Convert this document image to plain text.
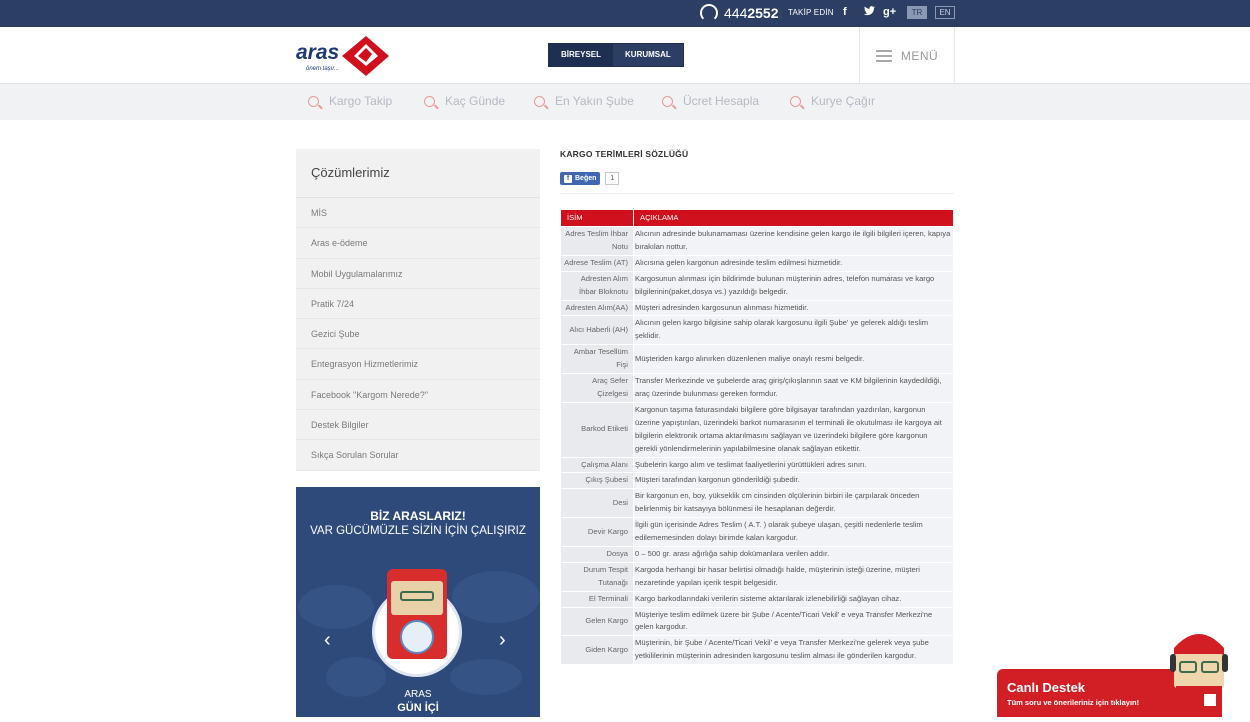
4442552 TAKİP EDİN f	g+	TR	EN
aras
önem taşır...
BİREYSEL	KURUMSAL	MENÜ
Kargo Takip	Kaç Günde	En Yakın Şube	Ücret Hesapla	Kurye Çağır
Çözümlerimiz
MİS
Aras e-ödeme
Mobil Uygulamalarımız
Pratik 7/24
Gezici Şube
Entegrasyon Hizmetlerimiz
Facebook "Kargom Nerede?"
Destek Bilgiler
Sıkça Sorulan Sorular
BİZ ARASLARIZ!
VAR GÜCÜMÜZLE SİZİN İÇİN ÇALIŞIRIZ
‹	›
ARAS
GÜN İÇİ
KARGO TERİMLERİ SÖZLÜĞÜ
f Beğen	1
İSİM	AÇIKLAMA
Adres Teslim İhbar Notu	Alıcının adresinde bulunamaması üzerine kendisine gelen kargo ile ilgili bilgileri içeren, kapıya bırakılan nottur.
Adrese Teslim (AT)	Alıcısına gelen kargonun adresinde teslim edilmesi hizmetidir.
Adresten Alım İhbar Bloknotu	Kargosunun alınması için bildirimde bulunan müşterinin adres, telefon numarası ve kargo bilgilerinin(paket,dosya vs.) yazıldığı belgedir.
Adresten Alım(AA)	Müşteri adresinden kargosunun alınması hizmetidir.
Alıcı Haberli (AH)	Alıcının gelen kargo bilgisine sahip olarak kargosunu ilgili Şube' ye gelerek aldığı teslim şeklidir.
Ambar Tesellüm Fişi	Müşteriden kargo alınırken düzenlenen maliye onaylı resmi belgedir.
Araç Sefer Çizelgesi	Transfer Merkezinde ve şubelerde araç giriş/çıkışlarının saat ve KM bilgilerinin kaydedildiği, araç üzerinde bulunması gereken formdur.
Barkod Etiketi	Kargonun taşıma faturasındaki bilgilere göre bilgisayar tarafından yazdırılan, kargonun üzerine yapıştırılan, üzerindeki barkot numarasının el terminali ile okutulması ile kargoya ait bilgilerin elektronik ortama aktarılmasını sağlayan ve üzerindeki bilgilere göre kargonun gerekli yönlendirmelerinin yapılabilmesine olanak sağlayan etikettir.
Çalışma Alanı	Şubelerin kargo alım ve teslimat faaliyetlerini yürüttükleri adres sınırı.
Çıkış Şubesi	Müşteri tarafından kargonun gönderildiği şubedir.
Desi	Bir kargonun en, boy, yükseklik cm cinsinden ölçülerinin birbiri ile çarpılarak önceden belirlenmiş bir katsayıya bölünmesi ile hesaplanan değerdir.
Devir Kargo	İlgili gün içerisinde Adres Teslim ( A.T. ) olarak şubeye ulaşan, çeşitli nedenlerle teslim edilememesinden dolayı birimde kalan kargodur.
Dosya	0 – 500 gr. arası ağırlığa sahip dokümanlara verilen addır.
Durum Tespit Tutanağı	Kargoda herhangi bir hasar belirtisi olmadığı halde, müşterinin isteği üzerine, müşteri nezaretinde yapılan içerik tespit belgesidir.
El Terminali	Kargo barkodlarındaki verilerin sisteme aktarılarak izlenebilirliği sağlayan cihaz.
Gelen Kargo	Müşteriye teslim edilmek üzere bir Şube / Acente/Ticari Vekil' e veya Transfer Merkezi'ne gelen kargodur.
Giden Kargo	Müşterinin, bir Şube / Acente/Ticari Vekil' e veya Transfer Merkezi'ne gelerek veya şube yetkililerinin müşterinin adresinden kargosunu teslim alması ile gönderilen kargodur.
Canlı Destek
Tüm soru ve önerileriniz için tıklayın!
